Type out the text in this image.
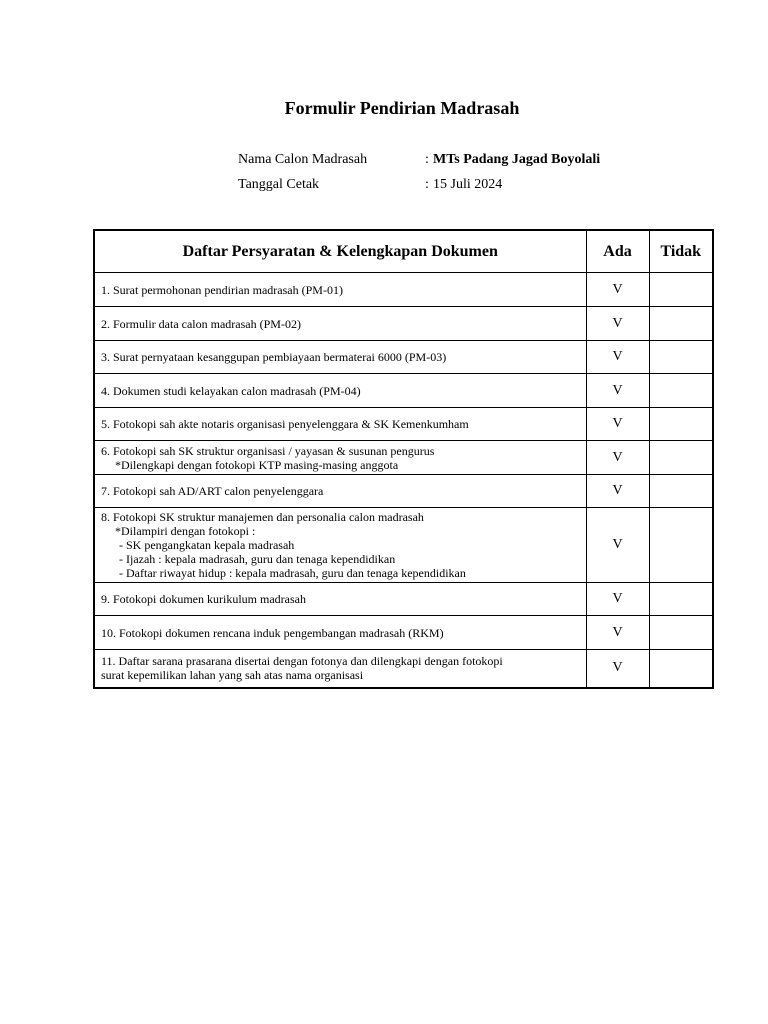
Formulir Pendirian Madrasah
Nama Calon Madrasah	: MTs Padang Jagad Boyolali
Tanggal Cetak	: 15 Juli 2024
Daftar Persyaratan & Kelengkapan Dokumen	Ada	Tidak

1. Surat permohonan pendirian madrasah (PM-01)	V	

2. Formulir data calon madrasah (PM-02)	V	

3. Surat pernyataan kesanggupan pembiayaan bermaterai 6000 (PM-03)	V	

4. Dokumen studi kelayakan calon madrasah (PM-04)	V	

5. Fotokopi sah akte notaris organisasi penyelenggara & SK Kemenkumham	V	

6. Fotokopi sah SK struktur organisasi / yayasan & susunan pengurus
*Dilengkapi dengan fotokopi KTP masing-masing anggota	V	

7. Fotokopi sah AD/ART calon penyelenggara	V	

8. Fotokopi SK struktur manajemen dan personalia calon madrasah
*Dilampiri dengan fotokopi :
- SK pengangkatan kepala madrasah
- Ijazah : kepala madrasah, guru dan tenaga kependidikan
- Daftar riwayat hidup : kepala madrasah, guru dan tenaga kependidikan	V	

9. Fotokopi dokumen kurikulum madrasah	V	

10. Fotokopi dokumen rencana induk pengembangan madrasah (RKM)	V	

11. Daftar sarana prasarana disertai dengan fotonya dan dilengkapi dengan fotokopi
surat kepemilikan lahan yang sah atas nama organisasi	V	
